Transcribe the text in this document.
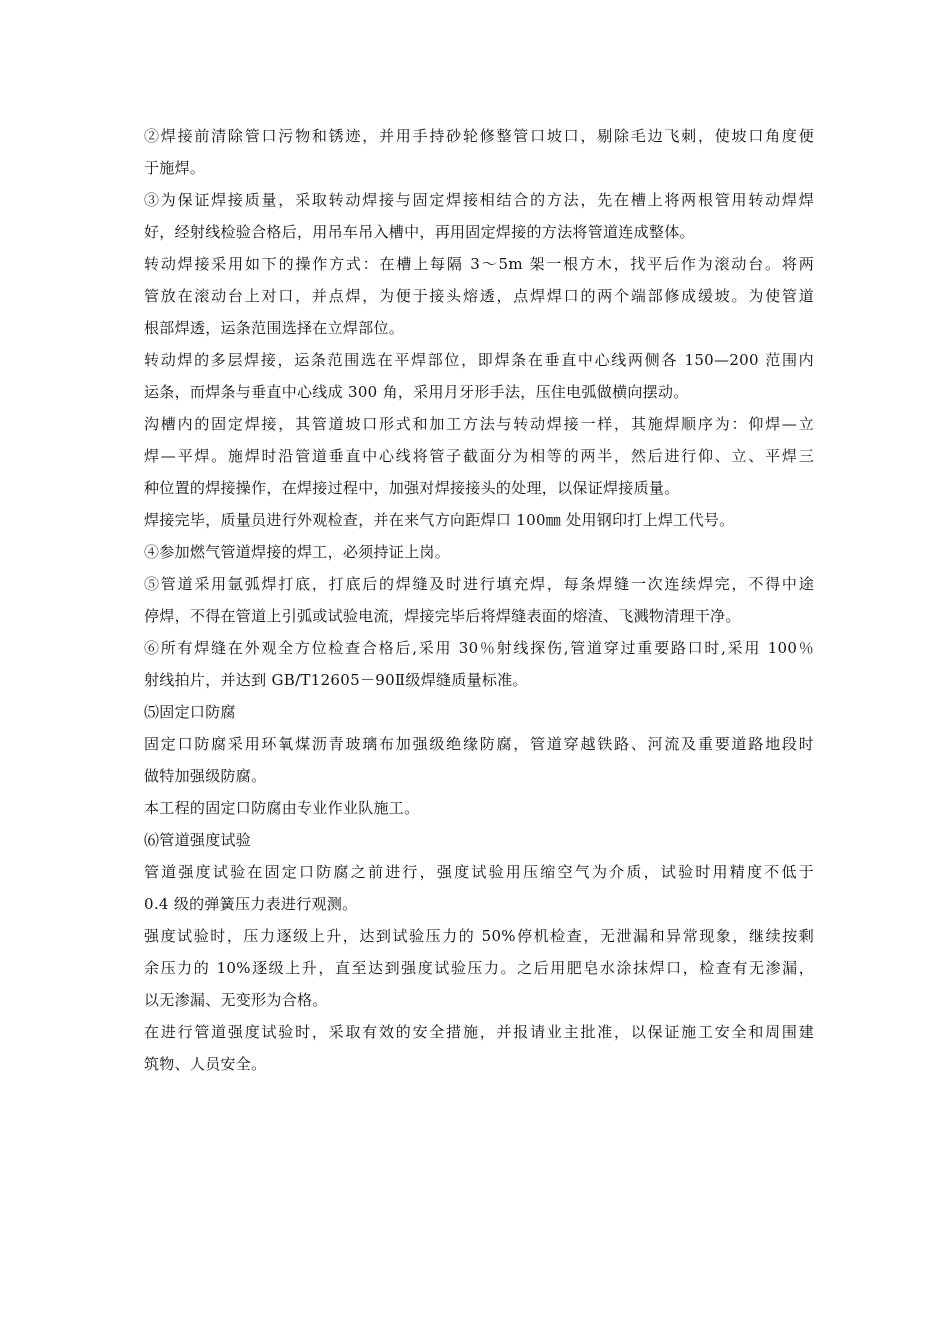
②焊接前清除管口污物和锈迹，并用手持砂轮修整管口坡口，剔除毛边飞刺，使坡口角度便
于施焊。
③为保证焊接质量，采取转动焊接与固定焊接相结合的方法，先在槽上将两根管用转动焊焊
好，经射线检验合格后，用吊车吊入槽中，再用固定焊接的方法将管道连成整体。
转动焊接采用如下的操作方式：在槽上每隔 3～5m 架一根方木，找平后作为滚动台。将两
管放在滚动台上对口，并点焊，为便于接头熔透，点焊焊口的两个端部修成缓坡。为使管道
根部焊透，运条范围选择在立焊部位。
转动焊的多层焊接，运条范围选在平焊部位，即焊条在垂直中心线两侧各 150—200 范围内
运条，而焊条与垂直中心线成 300 角，采用月牙形手法，压住电弧做横向摆动。
沟槽内的固定焊接，其管道坡口形式和加工方法与转动焊接一样，其施焊顺序为：仰焊—立
焊—平焊。施焊时沿管道垂直中心线将管子截面分为相等的两半，然后进行仰、立、平焊三
种位置的焊接操作，在焊接过程中，加强对焊接接头的处理，以保证焊接质量。
焊接完毕，质量员进行外观检查，并在来气方向距焊口 100㎜ 处用钢印打上焊工代号。
④参加燃气管道焊接的焊工，必须持证上岗。
⑤管道采用氩弧焊打底，打底后的焊缝及时进行填充焊，每条焊缝一次连续焊完，不得中途
停焊，不得在管道上引弧或试验电流，焊接完毕后将焊缝表面的熔渣、飞溅物清理干净。
⑥所有焊缝在外观全方位检查合格后,采用 30％射线探伤,管道穿过重要路口时,采用 100％
射线拍片，并达到 GB/T12605－90Ⅱ级焊缝质量标准。
⑸固定口防腐
固定口防腐采用环氧煤沥青玻璃布加强级绝缘防腐，管道穿越铁路、河流及重要道路地段时
做特加强级防腐。
本工程的固定口防腐由专业作业队施工。
⑹管道强度试验
管道强度试验在固定口防腐之前进行，强度试验用压缩空气为介质，试验时用精度不低于
0.4 级的弹簧压力表进行观测。
强度试验时，压力逐级上升，达到试验压力的 50%停机检查，无泄漏和异常现象，继续按剩
余压力的 10%逐级上升，直至达到强度试验压力。之后用肥皂水涂抹焊口，检查有无渗漏，
以无渗漏、无变形为合格。
在进行管道强度试验时，采取有效的安全措施，并报请业主批准，以保证施工安全和周围建
筑物、人员安全。
